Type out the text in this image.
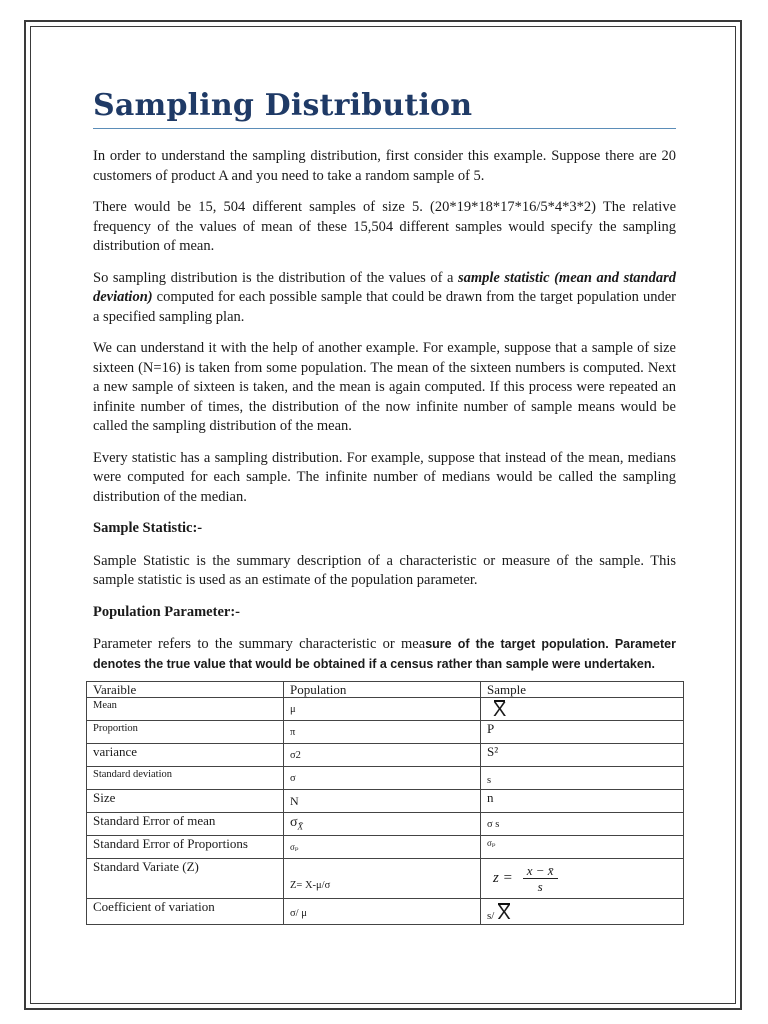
Sampling Distribution

In order to understand the sampling distribution, first consider this example. Suppose there are 20 customers of product A and you need to take a random sample of 5.

There would be 15, 504 different samples of size 5. (20*19*18*17*16/5*4*3*2) The relative frequency of the values of mean of these 15,504 different samples would specify the sampling distribution of mean.

So sampling distribution is the distribution of the values of a sample statistic (mean and standard deviation) computed for each possible sample that could be drawn from the target population under a specified sampling plan.

We can understand it with the help of another example. For example, suppose that a sample of size sixteen (N=16) is taken from some population. The mean of the sixteen numbers is computed. Next a new sample of sixteen is taken, and the mean is again computed. If this process were repeated an infinite number of times, the distribution of the now infinite number of sample means would be called the sampling distribution of the mean.

Every statistic has a sampling distribution. For example, suppose that instead of the mean, medians were computed for each sample. The infinite number of medians would be called the sampling distribution of the median.

Sample Statistic:-

Sample Statistic is the summary description of a characteristic or measure of the sample. This sample statistic is used as an estimate of the population parameter.

Population Parameter:-

Parameter refers to the summary characteristic or measure of the target population. Parameter denotes the true value that would be obtained if a census rather than sample were undertaken.

Varaible	Population	Sample
Mean	μ	X
Proportion	π	P
variance	σ2	S²
Standard deviation	σ	s

Size	N	n
Standard Error of mean	$\sigma_{X̄}$	σ s

Standard Error of Proportions	σₚ	σₚ

Standard Variate (Z)	Z= X-μ/σ	$z = \frac{x - x̄}{s}$

Coefficient of variation	σ/ μ	s/ X
